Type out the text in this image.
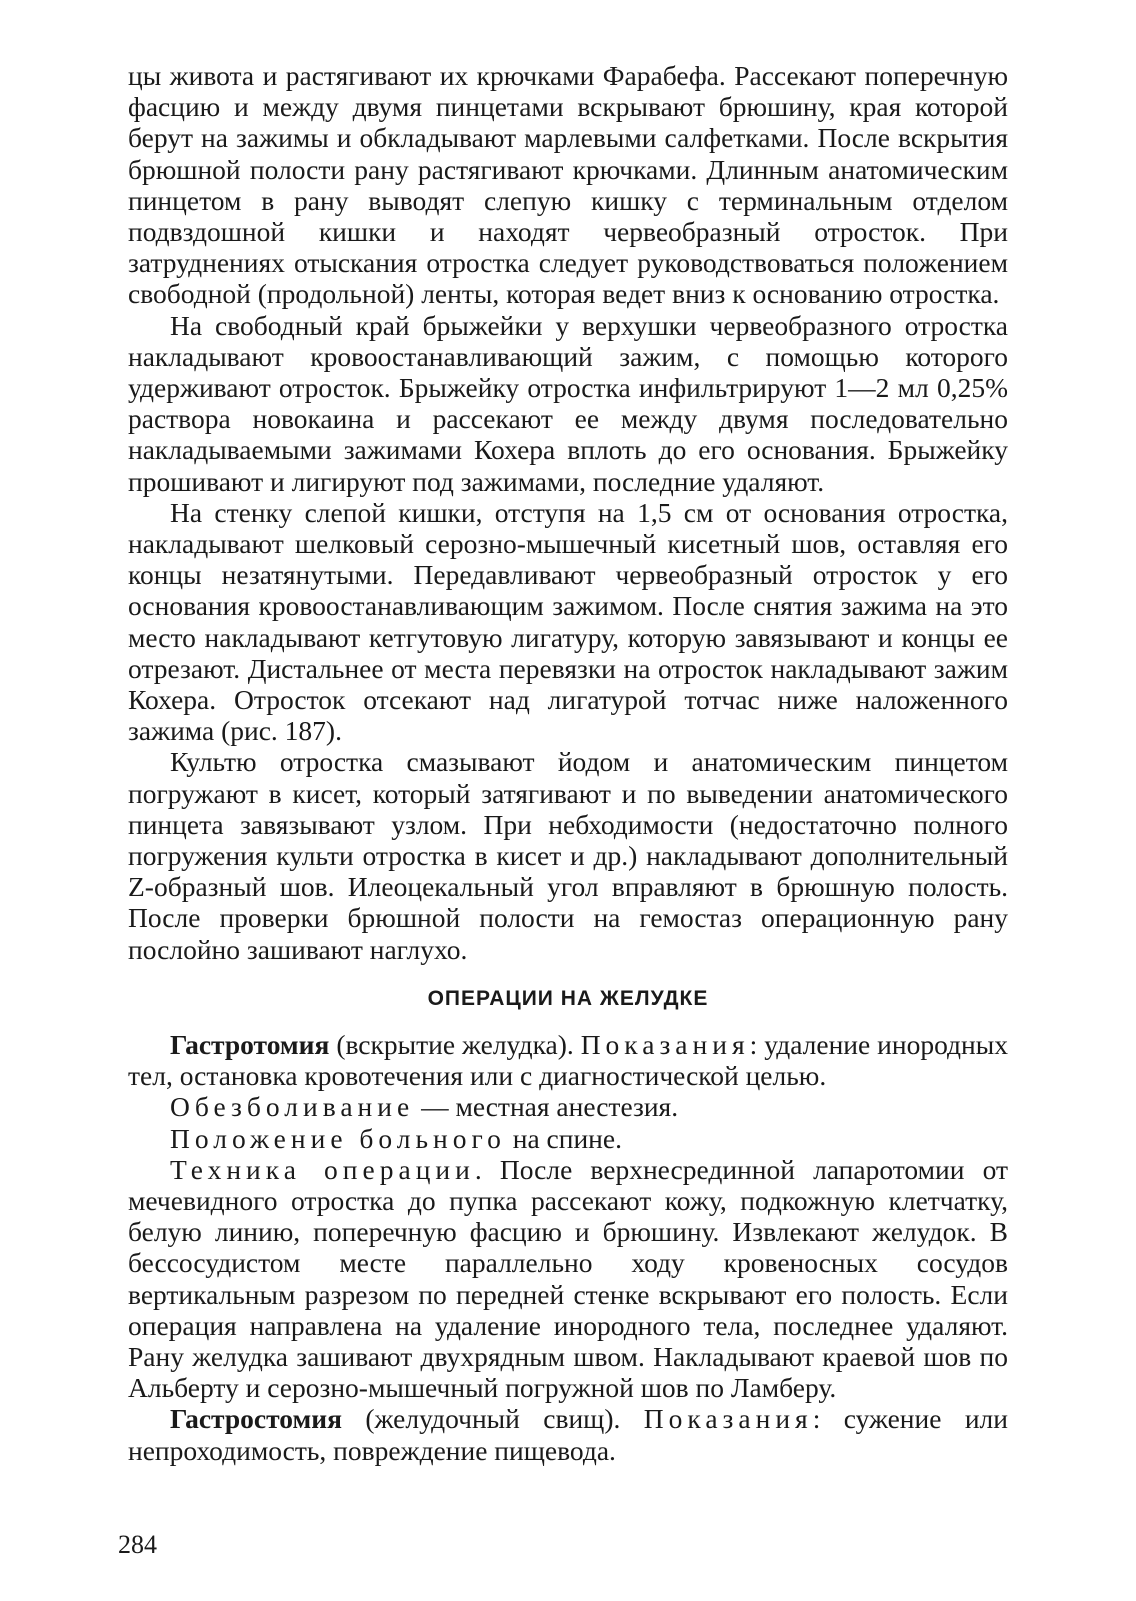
цы живота и растягивают их крючками Фарабефа. Рассекают поперечную фасцию и между двумя пинцетами вскрывают брюшину, края которой берут на зажимы и обкладывают марлевыми салфетками. После вскрытия брюшной полости рану растягивают крючками. Длинным анатомическим пинцетом в рану выводят слепую кишку с терминальным отделом подвздошной кишки и находят червеобразный отросток. При затруднениях отыскания отростка следует руководствоваться положением свободной (продольной) ленты, которая ведет вниз к основанию отростка.

На свободный край брыжейки у верхушки червеобразного отростка накладывают кровоостанавливающий зажим, с помощью которого удерживают отросток. Брыжейку отростка инфильтрируют 1—2 мл 0,25% раствора новокаина и рассекают ее между двумя последовательно накладываемыми зажимами Кохера вплоть до его основания. Брыжейку прошивают и лигируют под зажимами, последние удаляют.

На стенку слепой кишки, отступя на 1,5 см от основания отростка, накладывают шелковый серозно-мышечный кисетный шов, оставляя его концы незатянутыми. Передавливают червеобразный отросток у его основания кровоостанавливающим зажимом. После снятия зажима на это место накладывают кетгутовую лигатуру, которую завязывают и концы ее отрезают. Дистальнее от места перевязки на отросток накладывают зажим Кохера. Отросток отсекают над лигатурой тотчас ниже наложенного зажима (рис. 187).

Культю отростка смазывают йодом и анатомическим пинцетом погружают в кисет, который затягивают и по выведении анатомического пинцета завязывают узлом. При небходимости (недостаточно полного погружения культи отростка в кисет и др.) накладывают дополнительный Z-образный шов. Илеоцекальный угол вправляют в брюшную полость. После проверки брюшной полости на гемостаз операционную рану послойно зашивают наглухо.

ОПЕРАЦИИ НА ЖЕЛУДКЕ

Гастротомия (вскрытие желудка). Показания: удаление инородных тел, остановка кровотечения или с диагностической целью.

Обезболивание — местная анестезия.

Положение больного на спине.

Техника операции. После верхнесрединной лапаротомии от мечевидного отростка до пупка рассекают кожу, подкожную клетчатку, белую линию, поперечную фасцию и брюшину. Извлекают желудок. В бессосудистом месте параллельно ходу кровеносных сосудов вертикальным разрезом по передней стенке вскрывают его полость. Если операция направлена на удаление инородного тела, последнее удаляют. Рану желудка зашивают двухрядным швом. Накладывают краевой шов по Альберту и серозно-мышечный погружной шов по Ламберу.

Гастростомия (желудочный свищ). Показания: сужение или непроходимость, повреждение пищевода.

284
